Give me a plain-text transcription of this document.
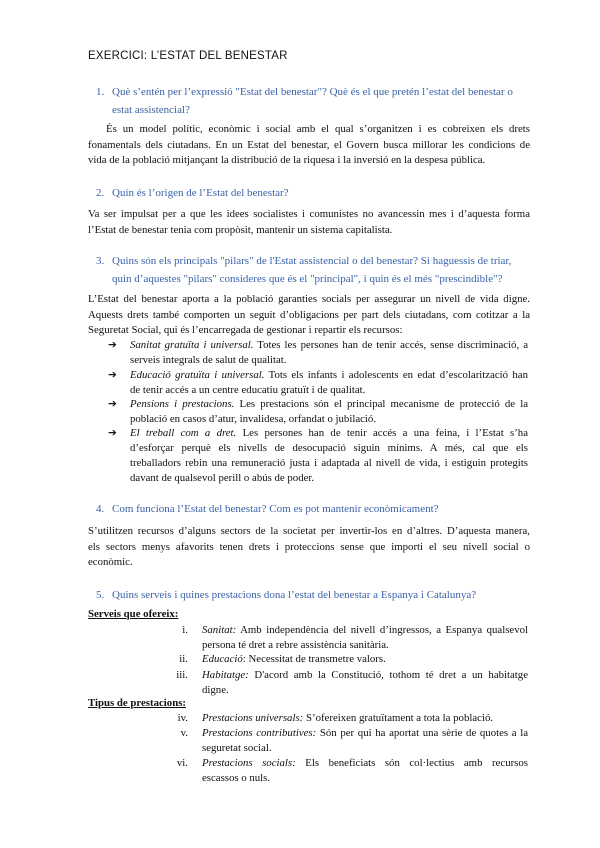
EXERCICI: L’ESTAT DEL BENESTAR
1. Què s’entén per l’expressió "Estat del benestar"? Què és el que pretén l’estat del benestar o
estat assistencial?
És un model polític, econòmic i social amb el qual s’organitzen i es cobreixen els drets
fonamentals dels ciutadans. En un Estat del benestar, el Govern busca millorar les condicions de
vida de la població mitjançant la distribució de la riquesa i la inversió en la despesa pública.
2. Quin és l’origen de l’Estat del benestar?
Va ser impulsat per a que les idees socialistes i comunistes no avancessin mes i d’aquesta forma
l’Estat de benestar tenia com propòsit, mantenir un sistema capitalista.
3. Quins són els principals "pilars" de l'Estat assistencial o del benestar? Si haguessis de triar,
quin d’aquestes "pilars" consideres que és el "principal", i quin és el més "prescindible"?
L’Estat del benestar aporta a la població garanties socials per assegurar un nivell de vida digne.
Aquests drets també comporten un seguit d’obligacions per part dels ciutadans, com cotitzar a la
Seguretat Social, qui és l’encarregada de gestionar i repartir els recursos:
➔ Sanitat gratuïta i universal. Totes les persones han de tenir accés, sense discriminació, a
serveis integrals de salut de qualitat.
➔ Educació gratuïta i universal. Tots els infants i adolescents en edat d’escolarització han
de tenir accés a un centre educatiu gratuït i de qualitat.
➔ Pensions i prestacions. Les prestacions són el principal mecanisme de protecció de la
població en casos d’atur, invalidesa, orfandat o jubilació.
➔ El treball com a dret. Les persones han de tenir accés a una feina, i l’Estat s’ha
d’esforçar perquè els nivells de desocupació siguin mínims. A més, cal que els
treballadors rebin una remuneració justa i adaptada al nivell de vida, i estiguin protegits
davant de qualsevol perill o abús de poder.
4. Com funciona l’Estat del benestar? Com es pot mantenir econòmicament?
S’utilitzen recursos d’alguns sectors de la societat per invertir-los en d’altres. D’aquesta manera,
els sectors menys afavorits tenen drets i proteccions sense que importi el seu nivell social o
econòmic.
5. Quins serveis i quines prestacions dona l’estat del benestar a Espanya i Catalunya?
Serveis que ofereix:
i. Sanitat: Amb independència del nivell d’ingressos, a Espanya qualsevol
persona té dret a rebre assistència sanitària.
ii. Educació: Necessitat de transmetre valors.
iii. Habitatge: D'acord amb la Constitució, tothom té dret a un habitatge
digne.
Tipus de prestacions:
iv. Prestacions universals: S’ofereixen gratuïtament a tota la població.
v. Prestacions contributives: Són per qui ha aportat una sèrie de quotes a la
seguretat social.
vi. Prestacions socials: Els beneficiats són col·lectius amb recursos
escassos o nuls.
